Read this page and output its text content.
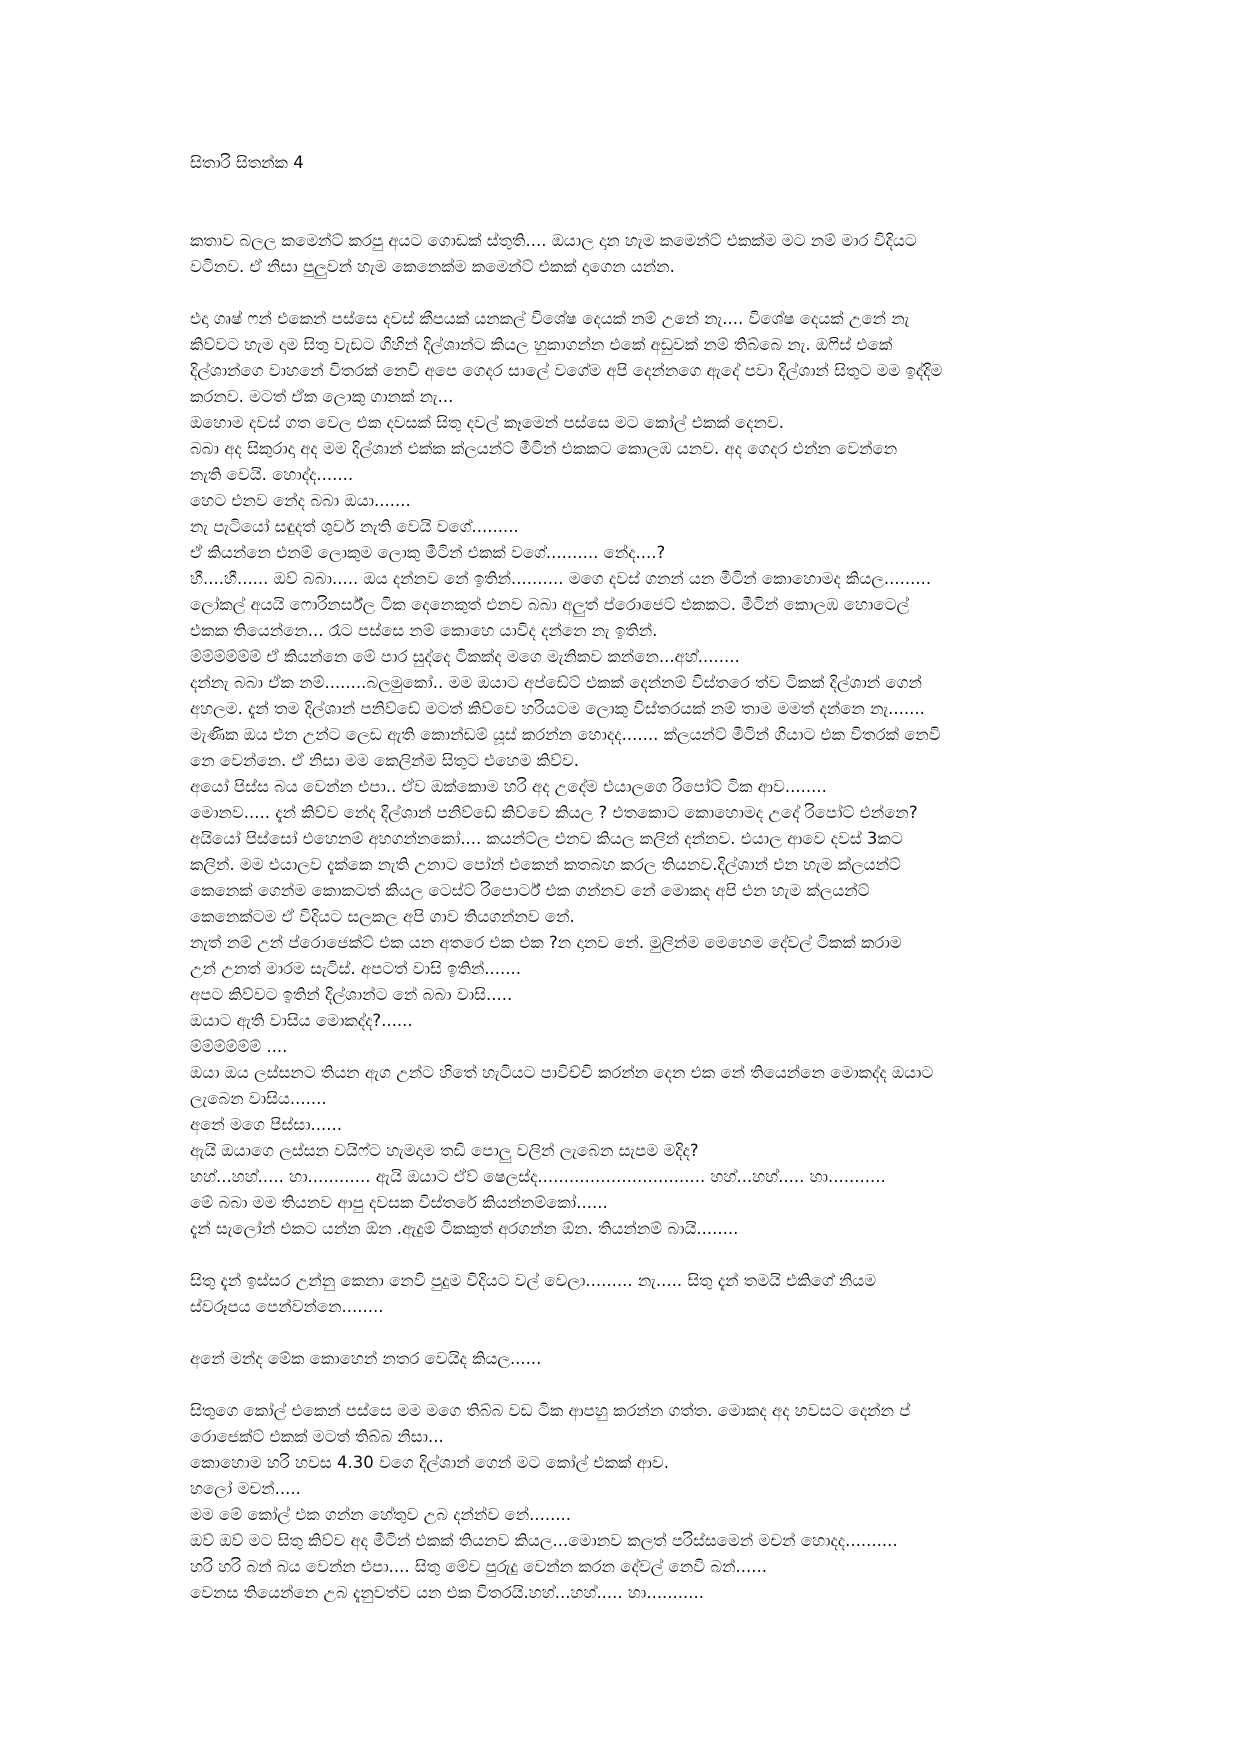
සිතාරි සිතන්ක 4
කතාව බලල කමෙන්ට් කරපු අයට ගොඩක් ස්තුති.... ඔයාල දාන හැම කමෙන්ට් එකක්ම මට නම් මාර විදියට
වටිනව. ඒ නිසා පුලුවන් හැම කෙනෙක්ම කමෙන්ට් එකක් දාගෙන යන්න.
එදා ගෘෂ් ෆන් එකෙන් පස්සෙ දවස් කීපයක් යනකල් විශේෂ දෙයක් නම් උනේ නැ.... විශේෂ දෙයක් උනේ නැ
කිව්වට හැම දාම සිතු වැඩට ගිහින් දිල්ශාන්ට කියල හුකාගන්න එකේ අඩුවක් නම් තිබ්බෙ නැ. ඔෆිස් එකේ
දිල්ශාන්ගෙ වාහනේ විතරක් නෙවි අපෙ ගෙදර සාලේ වගේම අපි දෙන්නගෙ ඇදේ පවා දිල්ශාන් සිතුට මම ඉද්දිම
කරනව. මටත් ඒක ලොකු ගානක් නැ...
ඔහොම දවස් ගත වෙල එක දවසක් සිතු දවල් කෑමෙන් පස්සෙ මට කෝල් එකක් දෙනව.
බබා අද සිකුරාදා අද මම දිල්ශාන් එක්ක ක්ලයන්ට් මීටින් එකකට කොලඹ යනව. අද ගෙදර එන්න වෙන්නෙ
නැති වෙයි. හොද්ද.......
හෙට එනව නේද බබා ඔයා.......
නැ පැටියෝ සඳුදත් ශුවර් නැති වෙයි වගේ.........
ඒ කියන්නෙ එනම් ලොකුම ලොකු මීටින් එකක් වගේ.......... නේද....?
හී....හී...... ඔව් බබා..... ඔය දන්නව නේ ඉතින්.......... මගෙ දවස් ගනන් යන මීටින් කොහොමද කියල.........
ලෝකල් අයයි ෆොරිනර්ස්ල ටික දෙනෙකුත් එනව බබා අලුත් ප්රොජෙට් එකකට. මීටින් කොලඹ හොටෙල්
එකක තියෙන්නෙ... රෑට පස්සෙ නම් කොහෙ යාවිද දන්නෙ නැ ඉතින්.
ම්ම්ම්ම්ම්ම් ඒ කියන්නෙ මේ පාර සුද්දෙ ටිකක්ද මගෙ මැනිකව කන්නෙ...අහ්........
දන්නැ බබා ඒක නම්........බලමුකෝ.. මම ඔයාට අප්ඩේට් එකක් දෙන්නම් විස්තරෙ ත්ව ටිකක් දිල්ශාන් ගෙන්
අහලම. දැන් තම දිල්ශාන් පනිව්ඩේ මටත් කිව්වෙ හරියටම ලොකු විස්තරයක් නම් තාම මමත් දන්නෙ නැ.......
මැණික ඔය එන උන්ට ලෙඩ ඇති කොන්ඩම් යූස් කරන්න හොදද....... ක්ලයන්ට් මීටින් ගියාට එක විතරක් නෙවි
නෙ වෙන්නෙ. ඒ නිසා මම කෙලින්ම සිතුට එහෙම කිව්ව.
අයෝ පිස්ස බය වෙන්න එපා.. ඒව ඔක්කොම හරි අද උදේම එයාලගෙ රිපෝට් ටික ආව........
මොනව..... දැන් කිව්ව නේද දිල්ශාන් පනිව්ඩේ කිව්වෙ කියල ? එතකොට කොහොමද උදේ රිපෝට් එන්නෙ?
අයියෝ පිස්සෝ එහෙනම් අහගන්නකෝ.... කයන්ට්ල එනව කියල කලින් දන්නව. එයාල ආවෙ දවස් 3කට
කලින්. මම එයාලව දැක්කෙ නැති උනාට පෝන් එකෙන් කතබහ කරල තියනව.දිල්ශාන් එන හැම ක්ලයන්ට්
කෙනෙක් ගෙන්ම කොකටත් කියල ටෙස්ට් රිපොර්ට් එක ගන්නව නේ මොකද අපි එන හැම ක්ලයන්ට්
කෙනෙක්ටම ඒ විදියට සලකල අපි ගාව තියගන්නව නේ.
නැත් නම් උන් ප්රොජෙක්ට් එක යන අතරෙ එක එක ?න දානව නේ. මුලින්ම මෙහෙම දේවල් ටිකක් කරාම
උන් උනත් මාරම සැටිස්. අපටත් වාසි ඉතින්.......
අපට කිව්වට ඉතින් දිල්ශාන්ට නේ බබා වාසි.....
ඔයාට ඇති වාසිය මොකද්ද?......
ම්ම්ම්ම්ම්ම් ....
ඔයා ඔය ලස්සනට තියන ඇග උන්ට හිතේ හැටියට පාවිච්චි කරන්න දෙන එක නේ තියෙන්නෙ මොකද්ද ඔයාට
ලැබෙන වාසිය.......
අනේ මගෙ පිස්සා......
ඇයි ඔයාගෙ ලස්සන වයිෆ්ට හැමදාම තඩි පොලු වලින් ලැබෙන සැපම මදිද?
හහ්...හහ්..... හා............ ඇයි ඔයාට ඒව් ෂෙලස්ද................................ හහ්...හහ්..... හා...........
මේ බබා මම තියනව ආපු දවසක විස්තරේ කියන්නම්කෝ......
දැන් සැලෝන් එකට යන්න ඕන .ඇදුම් ටිකකුත් අරගන්න ඕන. තියන්නම් බායි........
සිතු දැන් ඉස්සර උන්නු කෙනා නෙවි පුදුම විදියට වල් වෙලා......... නැ..... සිතු දැන් තමයි එකිගේ නියම
ස්වරූපය පෙන්වන්නෙ........
අනේ මන්ද මේක කොහෙන් නතර වෙයිද කියල......
සිතුගෙ කෝල් එකෙන් පස්සෙ මම මගෙ තිබ්බ වඩ ටික ආපහු කරන්න ගත්ත. මොකද අද හවසට දෙන්න ප්
රොජෙක්ට් එකක් මටත් තිබ්බ නිසා...
කොහොම හරි හවස 4.30 වගෙ දිල්ශාන් ගෙන් මට කෝල් එකක් ආව.
හලෝ මචන්.....
මම මේ කෝල් එක ගන්න හේතුව උබ දන්න්ව නේ........
ඔව් ඔව් මට සිතු කිව්ව අද මීටින් එකක් තියනව කියල...මොනව කලත් පරිස්සමෙන් මචන් හොදද..........
හරි හරි බන් බය වෙන්න එපා.... සිතු මේව පුරුදු වෙන්න කරන දේවල් නෙවි බන්......
වෙනස තියෙන්නෙ උබ දැනුවත්ව යන එක විතරයි.හහ්...හහ්..... හා...........
